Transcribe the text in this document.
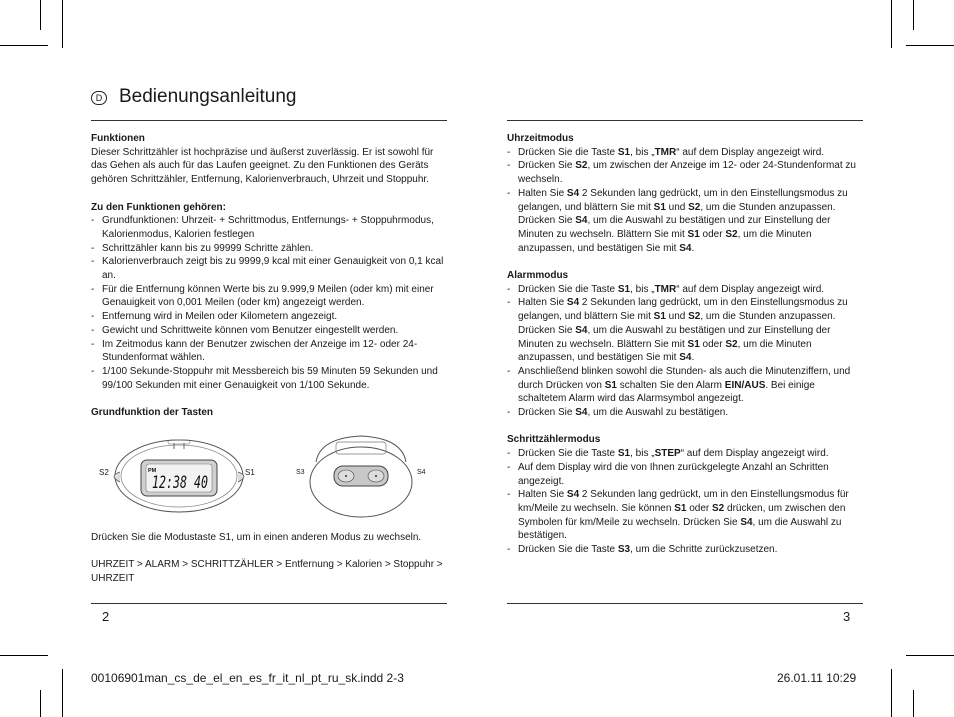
D Bedienungsanleitung

Funktionen

Dieser Schrittzähler ist hochpräzise und äußerst zuverlässig. Er ist sowohl für das Gehen als auch für das Laufen geeignet. Zu den Funktionen des Geräts gehören Schrittzähler, Entfernung, Kalorienverbrauch, Uhrzeit und Stoppuhr.

Zu den Funktionen gehören:

- Grundfunktionen: Uhrzeit- + Schrittmodus, Entfernungs- + Stoppuhrmodus, Kalorienmodus, Kalorien festlegen
- Schrittzähler kann bis zu 99999 Schritte zählen.
- Kalorienverbrauch zeigt bis zu 9999,9 kcal mit einer Genauigkeit von 0,1 kcal an.
- Für die Entfernung können Werte bis zu 9.999,9 Meilen (oder km) mit einer Genauigkeit von 0,001 Meilen (oder km) angezeigt werden.
- Entfernung wird in Meilen oder Kilometern angezeigt.
- Gewicht und Schrittweite können vom Benutzer eingestellt werden.
- Im Zeitmodus kann der Benutzer zwischen der Anzeige im 12- oder 24-Stundenformat wählen.
- 1/100 Sekunde-Stoppuhr mit Messbereich bis 59 Minuten 59 Sekunden und 99/100 Sekunden mit einer Genauigkeit von 1/100 Sekunde.

Grundfunktion der Tasten

PM
12:38 40
S2	S1	S3	S4

Drücken Sie die Modustaste S1, um in einen anderen Modus zu wechseln.

UHRZEIT > ALARM > SCHRITTZÄHLER > Entfernung > Kalorien > Stoppuhr > UHRZEIT

2

Uhrzeitmodus

- Drücken Sie die Taste S1, bis „TMR“ auf dem Display angezeigt wird.
- Drücken Sie S2, um zwischen der Anzeige im 12- oder 24-Stundenformat zu wechseln.
- Halten Sie S4 2 Sekunden lang gedrückt, um in den Einstellungsmodus zu gelangen, und blättern Sie mit S1 und S2, um die Stunden anzupassen. Drücken Sie S4, um die Auswahl zu bestätigen und zur Einstellung der Minuten zu wechseln. Blättern Sie mit S1 oder S2, um die Minuten anzupassen, und bestätigen Sie mit S4.

Alarmmodus

- Drücken Sie die Taste S1, bis „TMR“ auf dem Display angezeigt wird.
- Halten Sie S4 2 Sekunden lang gedrückt, um in den Einstellungsmodus zu gelangen, und blättern Sie mit S1 und S2, um die Stunden anzupassen. Drücken Sie S4, um die Auswahl zu bestätigen und zur Einstellung der Minuten zu wechseln. Blättern Sie mit S1 oder S2, um die Minuten anzupassen, und bestätigen Sie mit S4.
- Anschließend blinken sowohl die Stunden- als auch die Minutenziffern, und durch Drücken von S1 schalten Sie den Alarm EIN/AUS. Bei einige schaltetem Alarm wird das Alarmsymbol angezeigt.
- Drücken Sie S4, um die Auswahl zu bestätigen.

Schrittzählermodus

- Drücken Sie die Taste S1, bis „STEP“ auf dem Display angezeigt wird.
- Auf dem Display wird die von Ihnen zurückgelegte Anzahl an Schritten angezeigt.
- Halten Sie S4 2 Sekunden lang gedrückt, um in den Einstellungsmodus für km/Meile zu wechseln. Sie können S1 oder S2 drücken, um zwischen den Symbolen für km/Meile zu wechseln. Drücken Sie S4, um die Auswahl zu bestätigen.
- Drücken Sie die Taste S3, um die Schritte zurückzusetzen.
3
00106901man_cs_de_el_en_es_fr_it_nl_pt_ru_sk.indd 2-3	26.01.11 10:29
